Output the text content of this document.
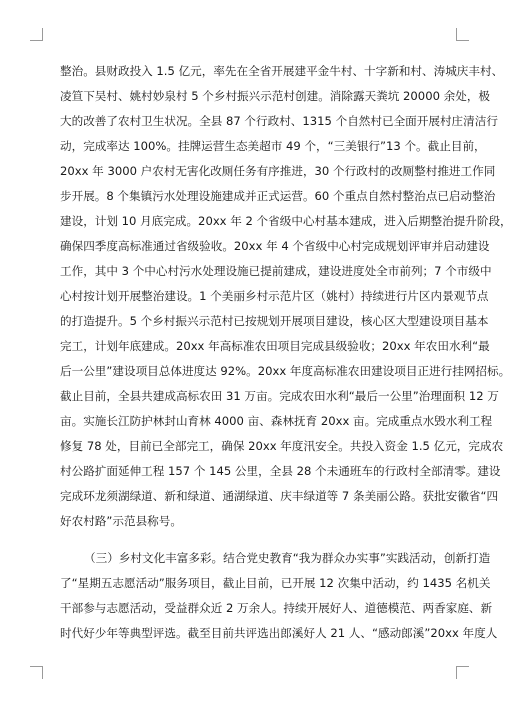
整治。县财政投入 1.5 亿元，率先在全省开展建平金牛村、十字新和村、涛城庆丰村、
凌笪下吴村、姚村妙泉村 5 个乡村振兴示范村创建。消除露天粪坑 20000 余处，极
大的改善了农村卫生状况。全县 87 个行政村、1315 个自然村已全面开展村庄清洁行
动，完成率达 100%。挂牌运营生态美超市 49 个，“三美银行”13 个。截止目前，
20xx 年 3000 户农村无害化改厕任务有序推进，30 个行政村的改厕整村推进工作同
步开展。8 个集镇污水处理设施建成并正式运营。60 个重点自然村整治点已启动整治
建设，计划 10 月底完成。20xx 年 2 个省级中心村基本建成，进入后期整治提升阶段，
确保四季度高标准通过省级验收。20xx 年 4 个省级中心村完成规划评审并启动建设
工作，其中 3 个中心村污水处理设施已提前建成，建设进度处全市前列；7 个市级中
心村按计划开展整治建设。1 个美丽乡村示范片区（姚村）持续进行片区内景观节点
的打造提升。5 个乡村振兴示范村已按规划开展项目建设，核心区大型建设项目基本
完工，计划年底建成。20xx 年高标准农田项目完成县级验收；20xx 年农田水利“最
后一公里”建设项目总体进度达 92%。20xx 年度高标准农田建设项目正进行挂网招标。
截止目前，全县共建成高标农田 31 万亩。完成农田水利“最后一公里”治理面积 12 万
亩。实施长江防护林封山育林 4000 亩、森林抚育 20xx 亩。完成重点水毁水利工程
修复 78 处，目前已全部完工，确保 20xx 年度汛安全。共投入资金 1.5 亿元，完成农
村公路扩面延伸工程 157 个 145 公里，全县 28 个未通班车的行政村全部清零。建设
完成环龙须湖绿道、新和绿道、通湖绿道、庆丰绿道等 7 条美丽公路。获批安徽省“四
好农村路”示范县称号。
（三）乡村文化丰富多彩。结合党史教育“我为群众办实事”实践活动，创新打造
了“星期五志愿活动”服务项目，截止目前，已开展 12 次集中活动，约 1435 名机关
干部参与志愿活动，受益群众近 2 万余人。持续开展好人、道德模范、两香家庭、新
时代好少年等典型评选。截至目前共评选出郎溪好人 21 人、“感动郎溪”20xx 年度人
